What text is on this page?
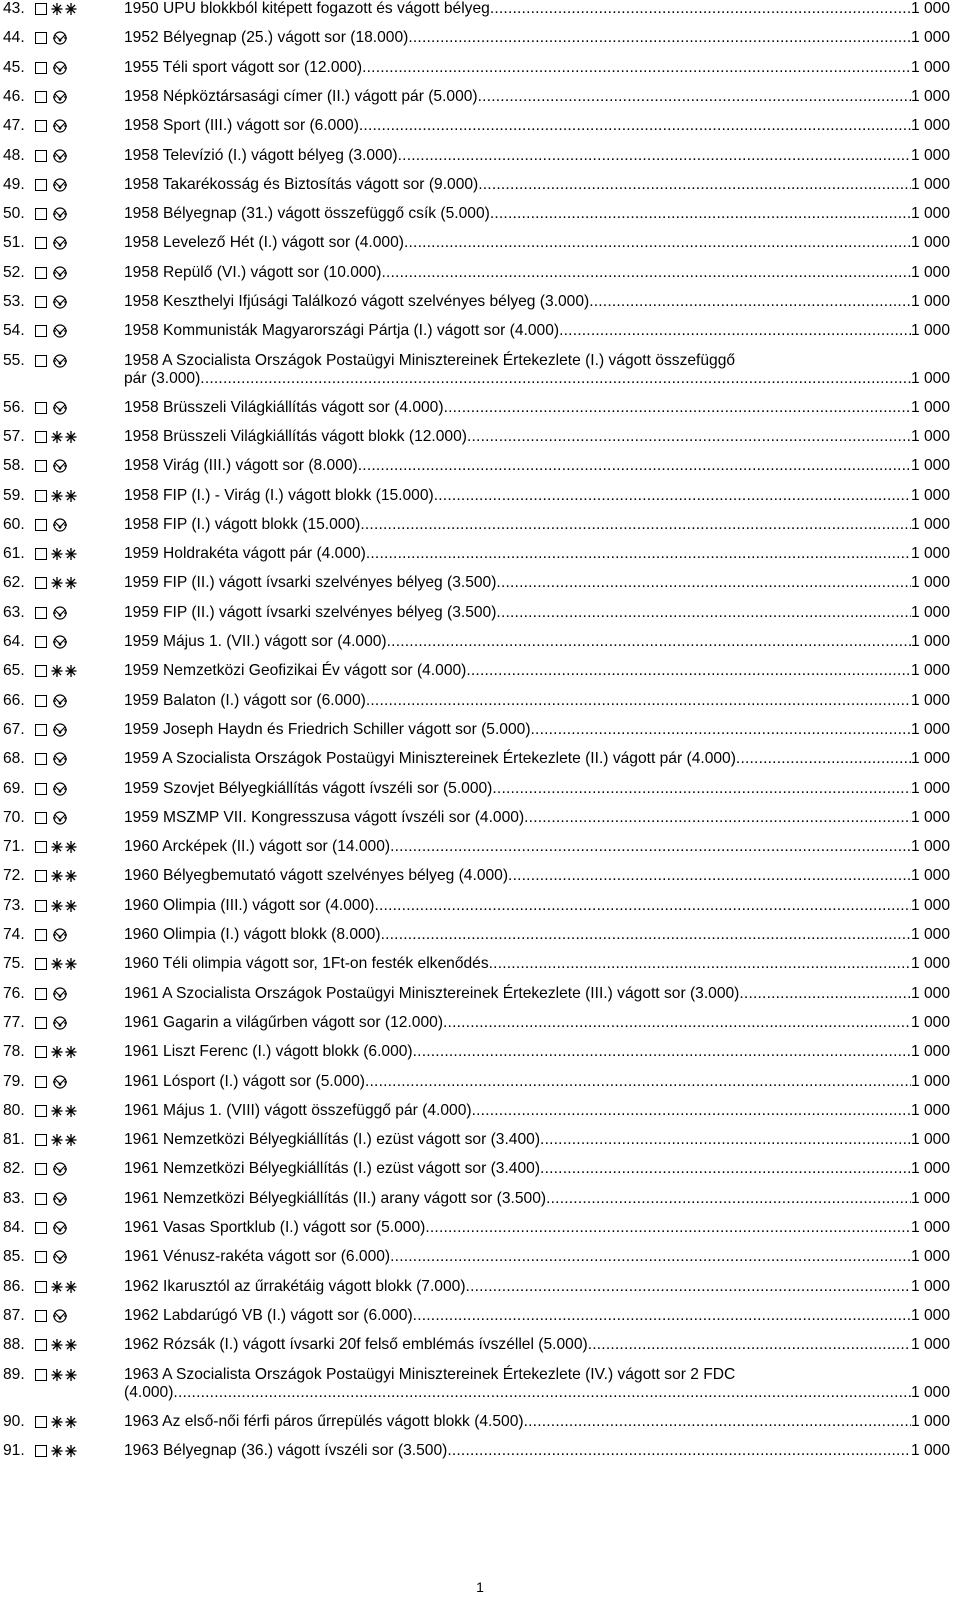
43.	1950 UPU blokkból kitépett fogazott és vágott bélyeg .....	1 000
44.	1952 Bélyegnap (25.) vágott sor (18.000) .....	1 000
45.	1955 Téli sport vágott sor (12.000) .....	1 000
46.	1958 Népköztársasági címer (II.) vágott pár (5.000) .....	1 000
47.	1958 Sport (III.) vágott sor (6.000) .....	1 000
48.	1958 Televízió (I.) vágott bélyeg (3.000) .....	1 000
49.	1958 Takarékosság és Biztosítás vágott sor (9.000) .....	1 000
50.	1958 Bélyegnap (31.) vágott összefüggő csík (5.000) .....	1 000
51.	1958 Levelező Hét (I.) vágott sor (4.000) .....	1 000
52.	1958 Repülő (VI.) vágott sor (10.000) .....	1 000
53.	1958 Keszthelyi Ifjúsági Találkozó vágott szelvényes bélyeg (3.000) .....	1 000
54.	1958 Kommunisták Magyarországi Pártja (I.) vágott sor (4.000) .....	1 000
55.	1958 A Szocialista Országok Postaügyi Minisztereinek Értekezlete (I.) vágott összefüggő
pár (3.000) .....	1 000
56.	1958 Brüsszeli Világkiállítás vágott sor (4.000) .....	1 000
57.	1958 Brüsszeli Világkiállítás vágott blokk (12.000) .....	1 000
58.	1958 Virág (III.) vágott sor (8.000) .....	1 000
59.	1958 FIP (I.) - Virág (I.) vágott blokk (15.000) .....	1 000
60.	1958 FIP (I.) vágott blokk (15.000) .....	1 000
61.	1959 Holdrakéta vágott pár (4.000) .....	1 000
62.	1959 FIP (II.) vágott ívsarki szelvényes bélyeg (3.500) .....	1 000
63.	1959 FIP (II.) vágott ívsarki szelvényes bélyeg (3.500) .....	1 000
64.	1959 Május 1. (VII.) vágott sor (4.000) .....	1 000
65.	1959 Nemzetközi Geofizikai Év vágott sor (4.000) .....	1 000
66.	1959 Balaton (I.) vágott sor (6.000) .....	1 000
67.	1959 Joseph Haydn és Friedrich Schiller vágott sor (5.000) .....	1 000
68.	1959 A Szocialista Országok Postaügyi Minisztereinek Értekezlete (II.) vágott pár (4.000) .....	1 000
69.	1959 Szovjet Bélyegkiállítás vágott ívszéli sor (5.000) .....	1 000
70.	1959 MSZMP VII. Kongresszusa vágott ívszéli sor (4.000) .....	1 000
71.	1960 Arcképek (II.) vágott sor (14.000) .....	1 000
72.	1960 Bélyegbemutató vágott szelvényes bélyeg (4.000) .....	1 000
73.	1960 Olimpia (III.) vágott sor (4.000) .....	1 000
74.	1960 Olimpia (I.) vágott blokk (8.000) .....	1 000
75.	1960 Téli olimpia vágott sor, 1Ft-on festék elkenődés .....	1 000
76.	1961 A Szocialista Országok Postaügyi Minisztereinek Értekezlete (III.) vágott sor (3.000) .....	1 000
77.	1961 Gagarin a világűrben vágott sor (12.000) .....	1 000
78.	1961 Liszt Ferenc (I.) vágott blokk (6.000) .....	1 000
79.	1961 Lósport (I.) vágott sor (5.000) .....	1 000
80.	1961 Május 1. (VIII) vágott összefüggő pár (4.000) .....	1 000
81.	1961 Nemzetközi Bélyegkiállítás (I.) ezüst vágott sor (3.400) .....	1 000
82.	1961 Nemzetközi Bélyegkiállítás (I.) ezüst vágott sor (3.400) .....	1 000
83.	1961 Nemzetközi Bélyegkiállítás (II.) arany vágott sor (3.500) .....	1 000
84.	1961 Vasas Sportklub (I.) vágott sor (5.000) .....	1 000
85.	1961 Vénusz-rakéta vágott sor (6.000) .....	1 000
86.	1962 Ikarusztól az űrrakétáig vágott blokk (7.000) .....	1 000
87.	1962 Labdarúgó VB (I.) vágott sor (6.000) .....	1 000
88.	1962 Rózsák (I.) vágott ívsarki 20f felső emblémás ívszéllel (5.000) .....	1 000
89.	1963 A Szocialista Országok Postaügyi Minisztereinek Értekezlete (IV.) vágott sor 2 FDC
(4.000) .....	1 000
90.	1963 Az első-női férfi páros űrrepülés vágott blokk (4.500) .....	1 000
91.	1963 Bélyegnap (36.) vágott ívszéli sor (3.500) .....	1 000
1
